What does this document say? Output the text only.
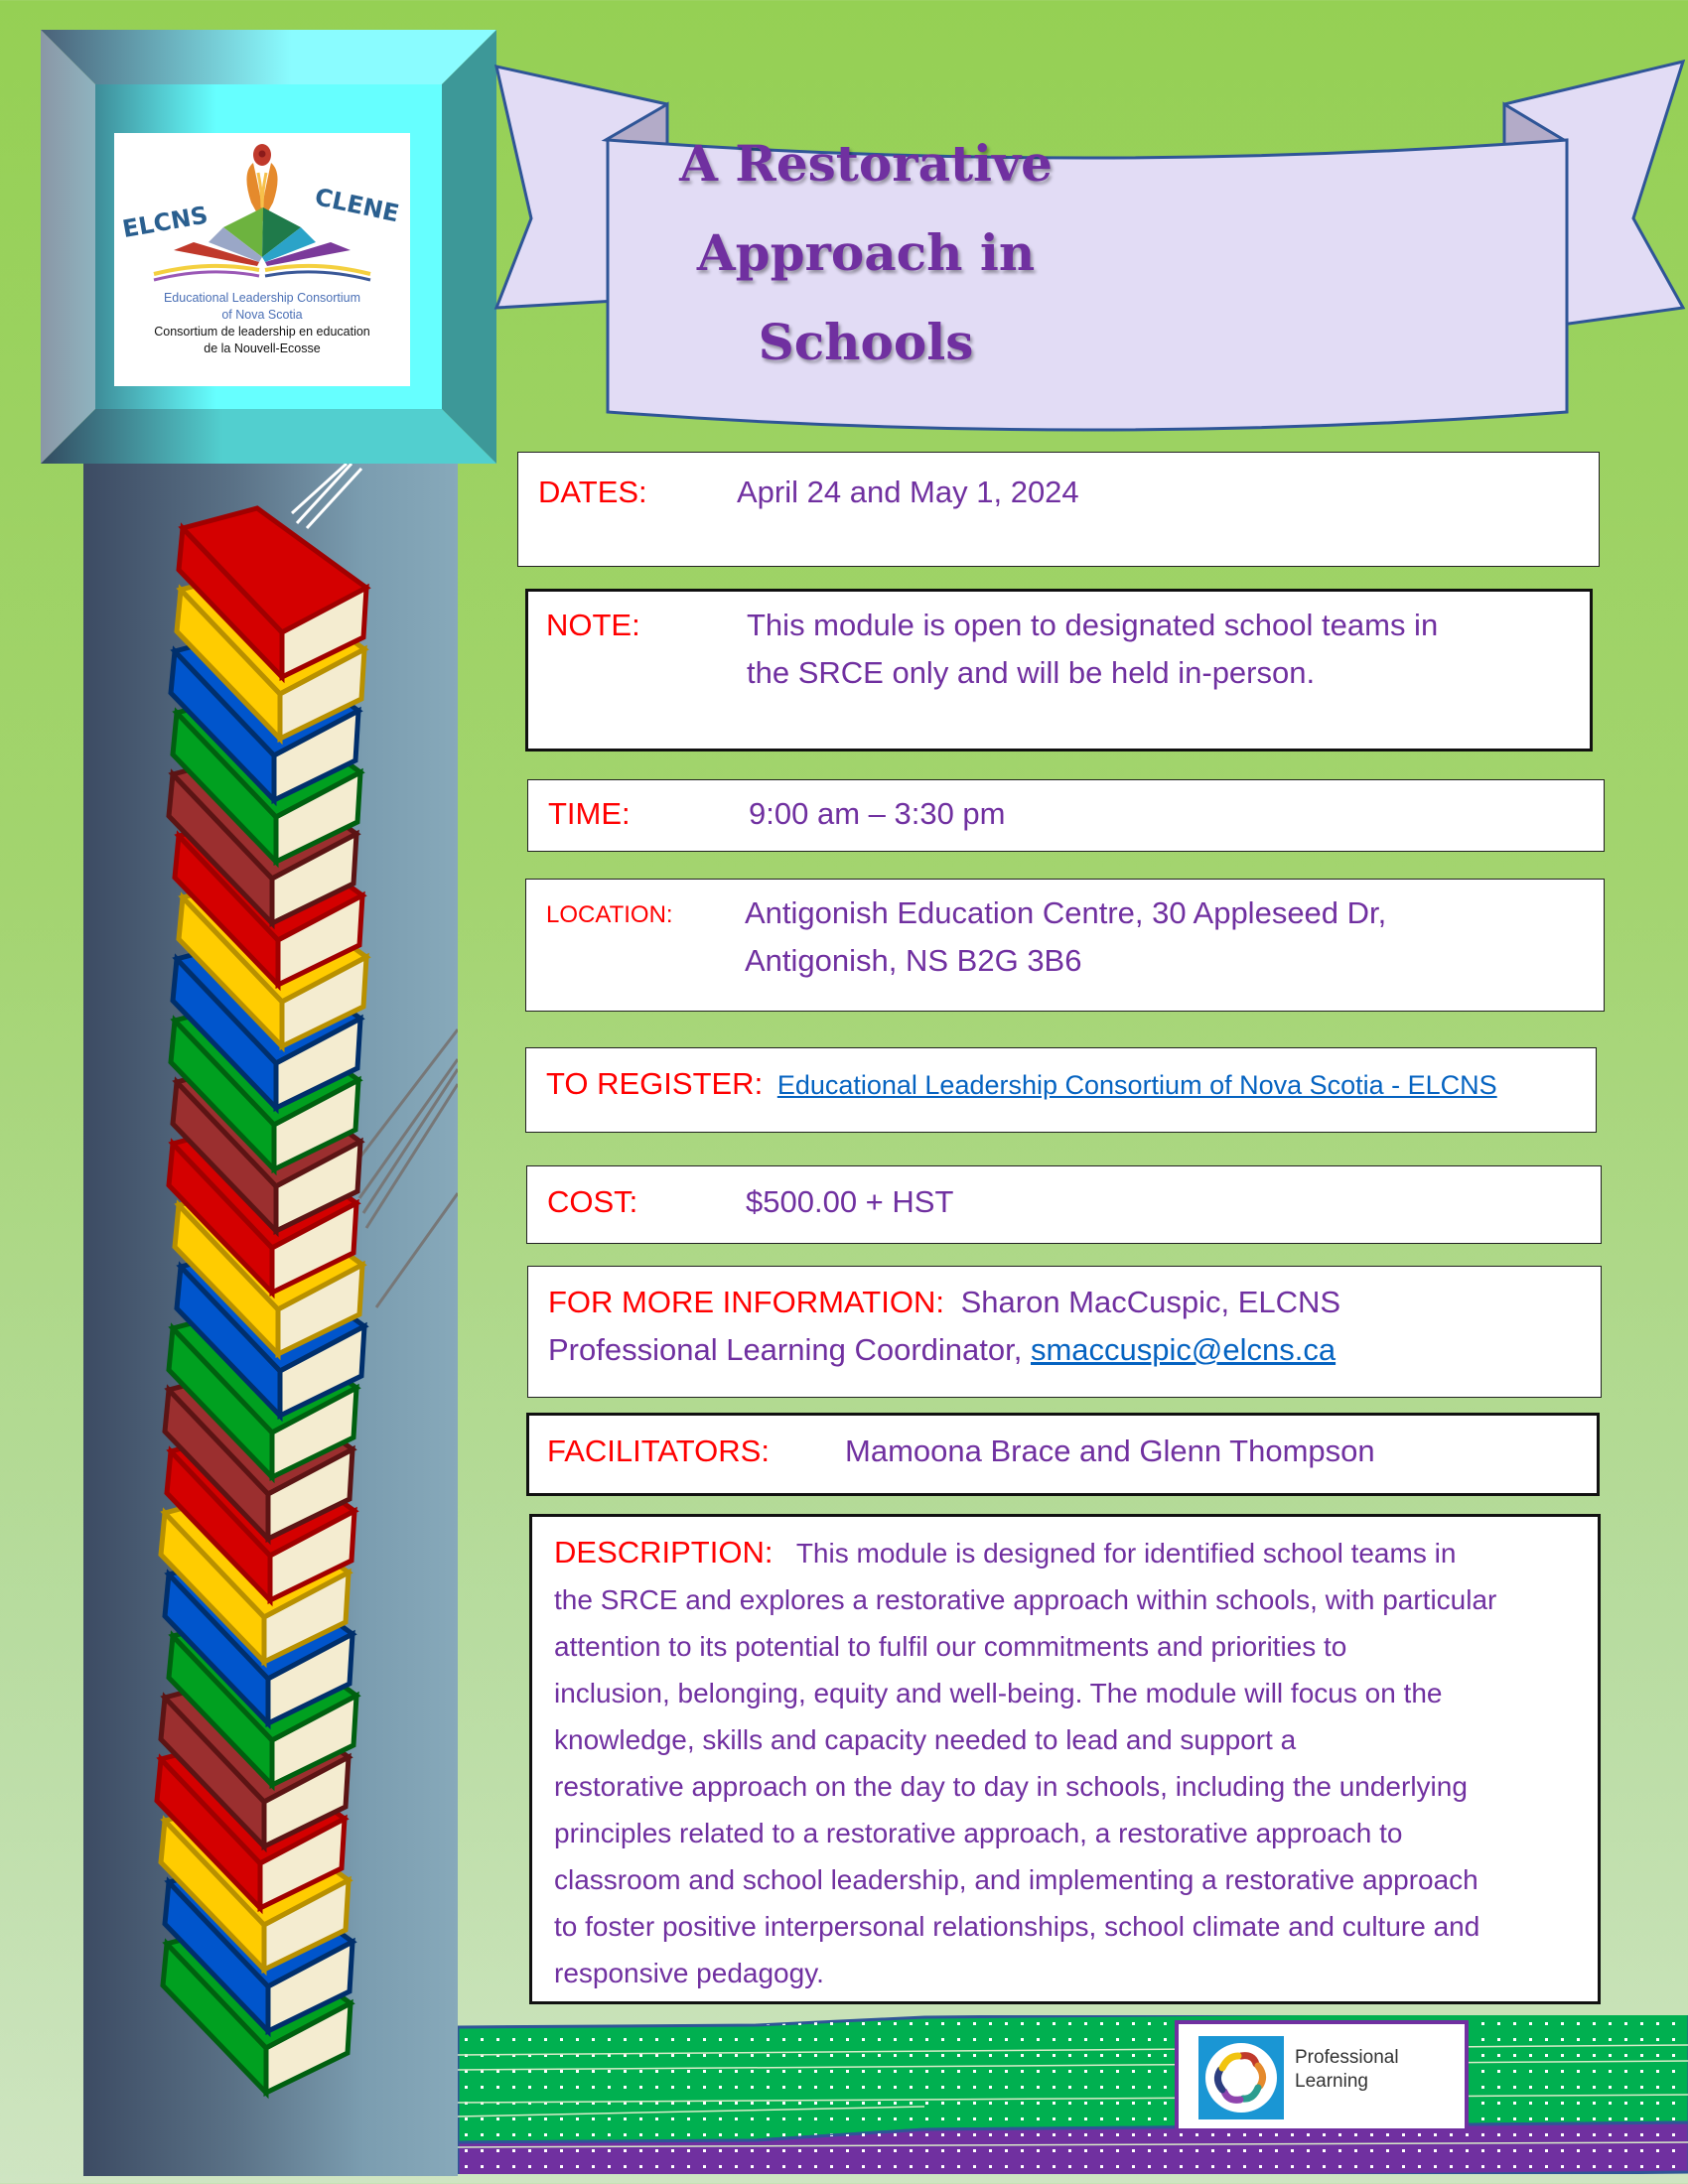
ELCNS	CLENE
Educational Leadership Consortium
of Nova Scotia
Consortium de leadership en education
de la Nouvell-Ecosse
A Restorative
Approach in Schools
DATES:	April 24 and May 1, 2024
NOTE:	This module is open to designated school teams in
the SRCE only and will be held in-person.
TIME:	9:00 am – 3:30 pm
LOCATION: Antigonish Education Centre, 30 Appleseed Dr,
Antigonish, NS B2G 3B6
TO REGISTER: Educational Leadership Consortium of Nova Scotia - ELCNS
COST:	$500.00 + HST
FOR MORE INFORMATION: Sharon MacCuspic, ELCNS
Professional Learning Coordinator, smaccuspic@elcns.ca
FACILITATORS: Mamoona Brace and Glenn Thompson
DESCRIPTION: This module is designed for identified school teams in
the SRCE and explores a restorative approach within schools, with particular
attention to its potential to fulfil our commitments and priorities to
inclusion, belonging, equity and well-being. The module will focus on the
knowledge, skills and capacity needed to lead and support a
restorative approach on the day to day in schools, including the underlying
principles related to a restorative approach, a restorative approach to
classroom and school leadership, and implementing a restorative approach
to foster positive interpersonal relationships, school climate and culture and
responsive pedagogy.
Professional
Learning
